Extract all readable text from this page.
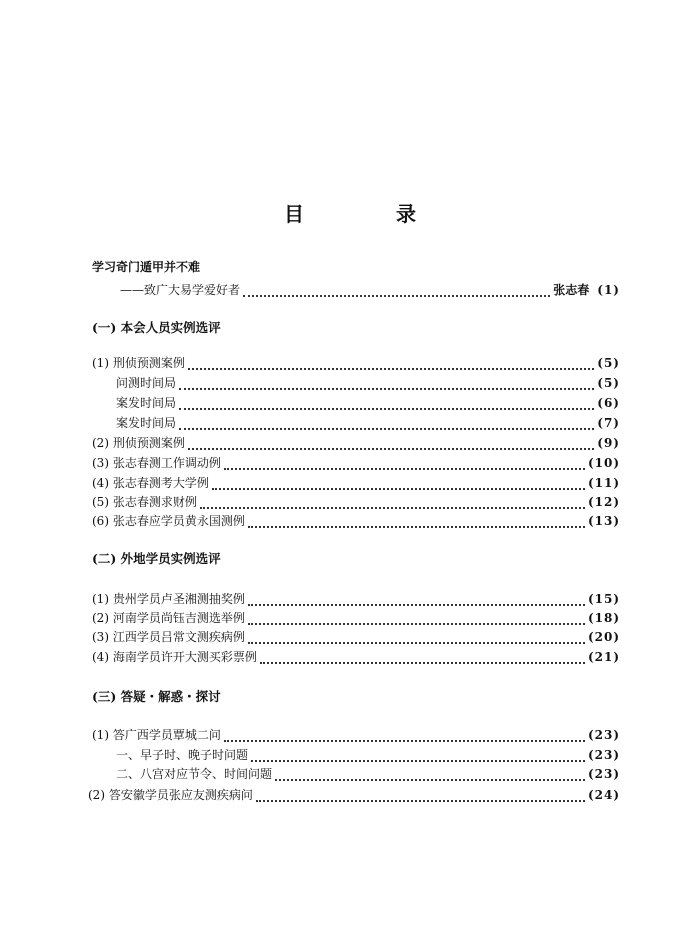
目　录
学习奇门遁甲并不难
——致广大易学爱好者	张志春 (1)
(一) 本会人员实例选评
(1) 刑侦预测案例	(5)
问测时间局	(5)
案发时间局	(6)
案发时间局	(7)
(2) 刑侦预测案例	(9)
(3) 张志春测工作调动例	(10)
(4) 张志春测考大学例	(11)
(5) 张志春测求财例	(12)
(6) 张志春应学员黄永国测例	(13)
(二) 外地学员实例选评
(1) 贵州学员卢圣湘测抽奖例	(15)
(2) 河南学员尚钰吉测选举例	(18)
(3) 江西学员吕常文测疾病例	(20)
(4) 海南学员许开大测买彩票例	(21)
(三) 答疑・解惑・探讨
(1) 答广西学员覃城二问	(23)
一、早子时、晚子时问题	(23)
二、八宫对应节令、时间问题	(23)
(2) 答安徽学员张应友测疾病问	(24)
